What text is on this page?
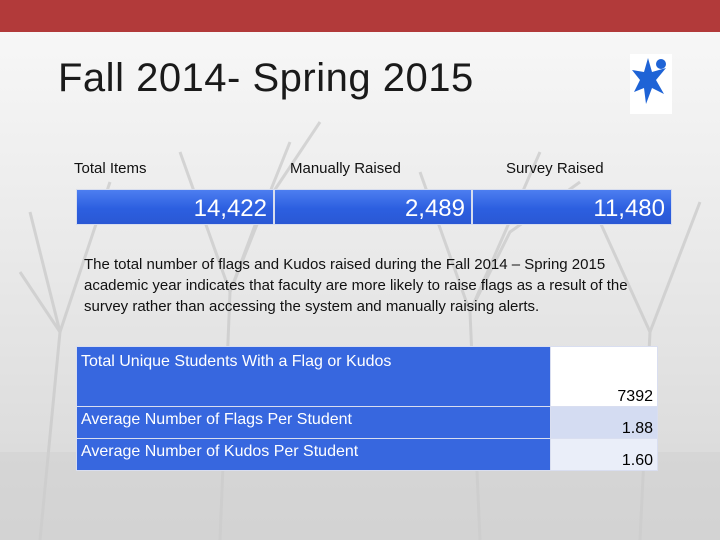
Fall 2014- Spring 2015
Total Items	Manually Raised	Survey Raised
14,422	2,489	11,480
The total number of flags and Kudos raised during the Fall 2014 – Spring 2015 academic year indicates that faculty are more likely to raise flags as a result of the survey rather than accessing the system and manually raising alerts.
Total Unique Students With a Flag or Kudos	7392
Average Number of Flags Per Student	1.88
Average Number of Kudos Per Student	1.60
